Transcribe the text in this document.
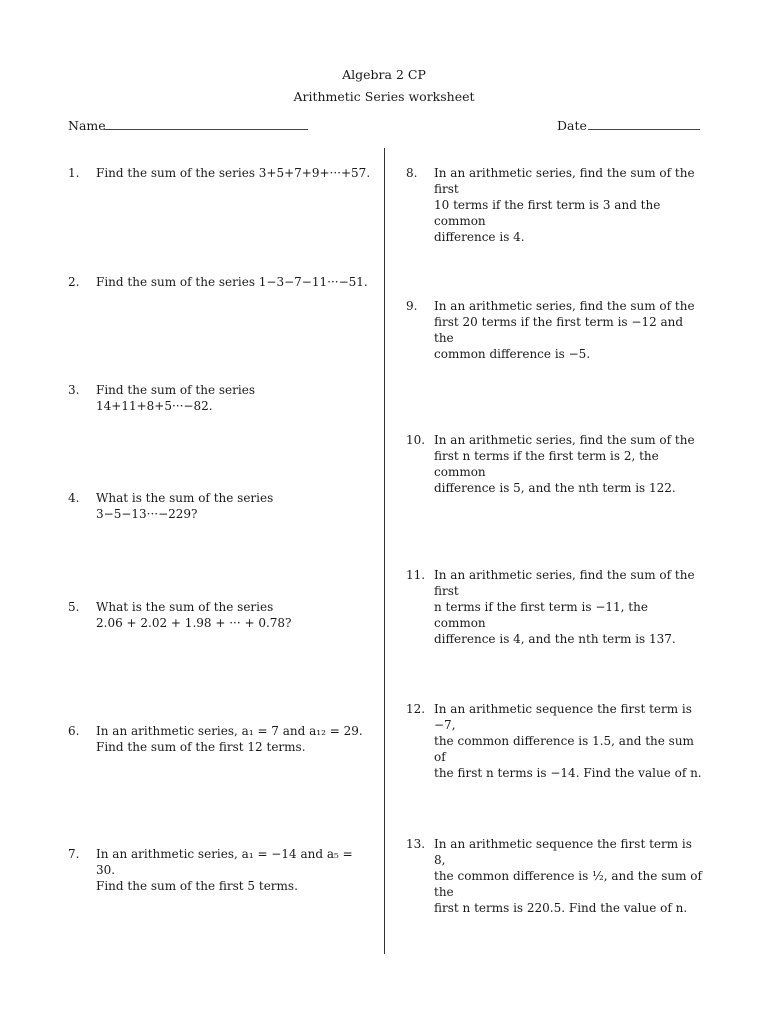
Algebra 2 CP
Arithmetic Series worksheet
Name	Date
1.	Find the sum of the series 3+5+7+9+···+57.
2.	Find the sum of the series 1−3−7−11···−51.
3.	Find the sum of the series 14+11+8+5···−82.
4.	What is the sum of the series 3−5−13···−229?
5.	What is the sum of the series
2.06 + 2.02 + 1.98 + ··· + 0.78?
6.	In an arithmetic series, a₁ = 7 and a₁₂ = 29.
Find the sum of the first 12 terms.
7.	In an arithmetic series, a₁ = −14 and a₅ = 30.
Find the sum of the first 5 terms.
8.	In an arithmetic series, find the sum of the first
10 terms if the first term is 3 and the common
difference is 4.
9.	In an arithmetic series, find the sum of the
first 20 terms if the first term is −12 and the
common difference is −5.
10. In an arithmetic series, find the sum of the
first n terms if the first term is 2, the common
difference is 5, and the nth term is 122.
11. In an arithmetic series, find the sum of the first
n terms if the first term is −11, the common
difference is 4, and the nth term is 137.
12. In an arithmetic sequence the first term is −7,
the common difference is 1.5, and the sum of
the first n terms is −14. Find the value of n.
13. In an arithmetic sequence the first term is 8,
the common difference is ½, and the sum of the
first n terms is 220.5. Find the value of n.
